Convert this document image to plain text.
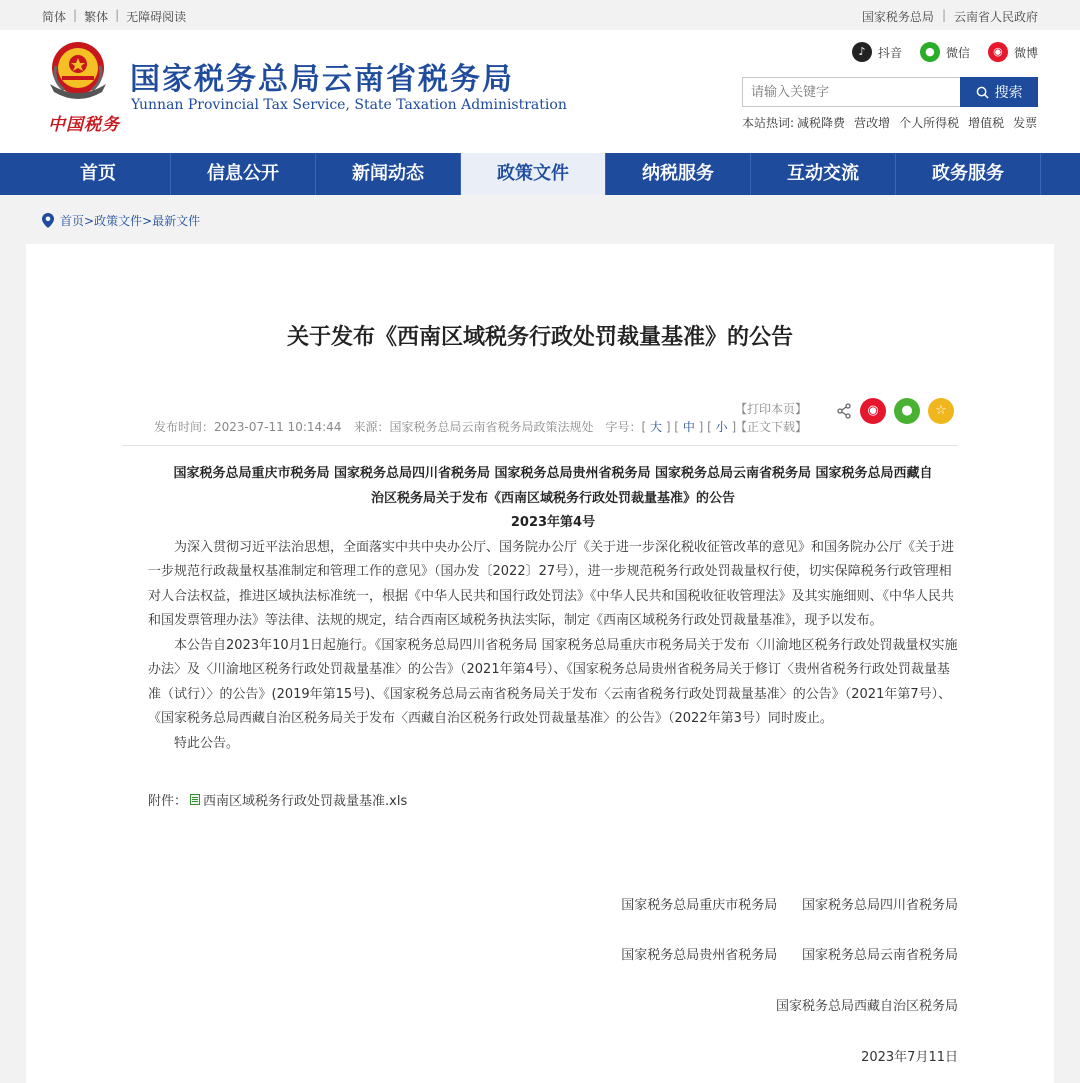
简体 | 繁体 | 无障碍阅读	国家税务总局 | 云南省人民政府
中国税务
国家税务总局云南省税务局
Yunnan Provincial Tax Service, State Taxation Administration
♪	抖音	● 微信	◉ 微博
请输入关键字
搜索
本站热词: 减税降费 营改增 个人所得税 增值税 发票
首页	信息公开	新闻动态	政策文件	纳税服务	互动交流	政务服务
首页> 政策文件> 最新文件
关于发布《西南区域税务行政处罚裁量基准》的公告
【打印本页】
【正文下载】
发布时间：2023-07-11 10:14:44 来源：国家税务总局云南省税务局政策法规处 字号：[ 大 ] [ 中 ] [ 小 ]
◉	●	☆
国家税务总局重庆市税务局 国家税务总局四川省税务局 国家税务总局贵州省税务局 国家税务总局云南省税务局 国家税务总局西藏自
治区税务局关于发布《西南区域税务行政处罚裁量基准》的公告
2023年第4号

为深入贯彻习近平法治思想，全面落实中共中央办公厅、国务院办公厅《关于进一步深化税收征管改革的意见》和国务院办公厅《关于进一步规范行政裁量权基准制定和管理工作的意见》（国办发〔2022〕27号），进一步规范税务行政处罚裁量权行使，切实保障税务行政管理相对人合法权益，推进区域执法标准统一，根据《中华人民共和国行政处罚法》《中华人民共和国税收征收管理法》及其实施细则、《中华人民共和国发票管理办法》等法律、法规的规定，结合西南区域税务执法实际，制定《西南区域税务行政处罚裁量基准》，现予以发布。

本公告自2023年10月1日起施行。《国家税务总局四川省税务局 国家税务总局重庆市税务局关于发布〈川渝地区税务行政处罚裁量权实施办法〉及〈川渝地区税务行政处罚裁量基准〉的公告》（2021年第4号）、《国家税务总局贵州省税务局关于修订〈贵州省税务行政处罚裁量基准（试行）〉的公告》(2019年第15号)、《国家税务总局云南省税务局关于发布〈云南省税务行政处罚裁量基准〉的公告》（2021年第7号）、《国家税务总局西藏自治区税务局关于发布〈西藏自治区税务行政处罚裁量基准〉的公告》（2022年第3号）同时废止。

特此公告。

附件： 西南区域税务行政处罚裁量基准.xls
国家税务总局重庆市税务局      国家税务总局四川省税务局
国家税务总局贵州省税务局      国家税务总局云南省税务局
国家税务总局西藏自治区税务局
2023年7月11日
